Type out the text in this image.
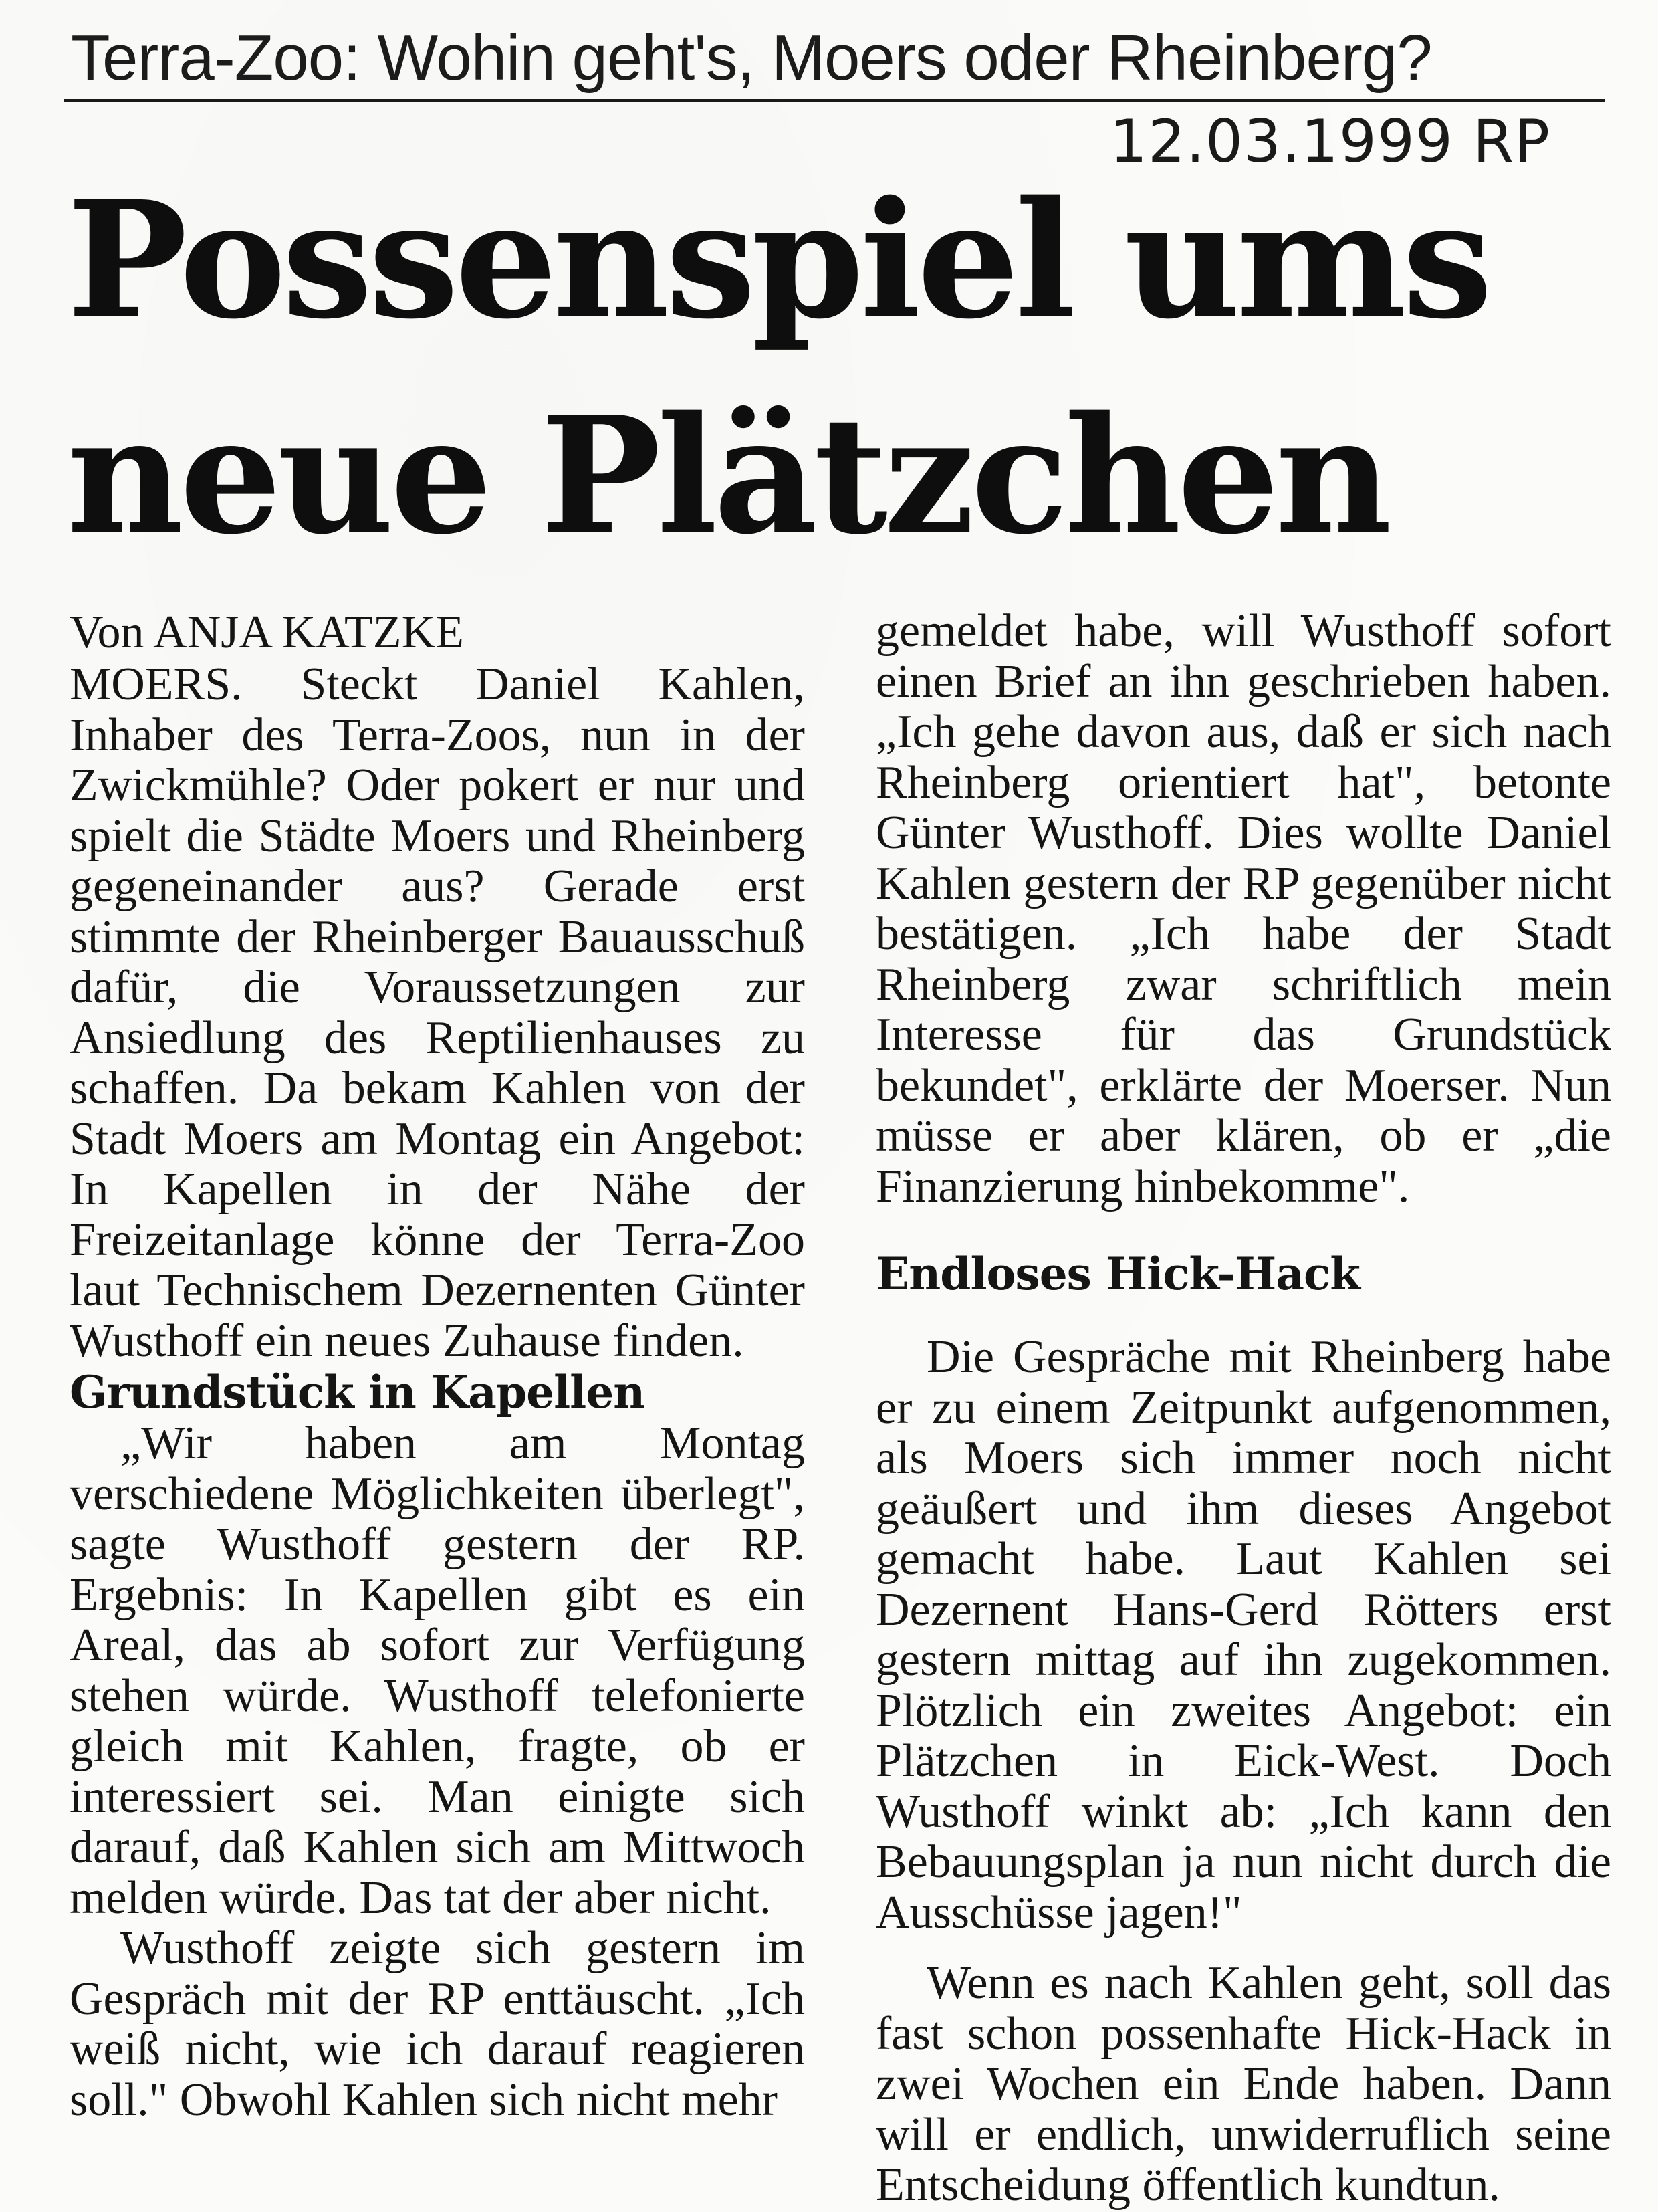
Terra-Zoo: Wohin geht's, Moers oder Rheinberg?
12.03.1999 RP
Possenspiel ums
neue Plätzchen

Von ANJA KATZKE

MOERS. Steckt Daniel Kahlen, Inhaber des Terra-Zoos, nun in der Zwickmühle? Oder pokert er nur und spielt die Städte Moers und Rheinberg gegeneinander aus? Gerade erst stimmte der Rheinberger Bauausschuß dafür, die Voraussetzungen zur Ansiedlung des Reptilienhauses zu schaffen. Da bekam Kahlen von der Stadt Moers am Montag ein Angebot: In Kapellen in der Nähe der Freizeitanlage könne der Terra-Zoo laut Technischem Dezernenten Günter Wusthoff ein neues Zuhause finden.

Grundstück in Kapellen

„Wir haben am Montag verschiedene Möglichkeiten überlegt", sagte Wusthoff gestern der RP. Ergebnis: In Kapellen gibt es ein Areal, das ab sofort zur Verfügung stehen würde. Wusthoff telefonierte gleich mit Kahlen, fragte, ob er interessiert sei. Man einigte sich darauf, daß Kahlen sich am Mittwoch melden würde. Das tat der aber nicht.

Wusthoff zeigte sich gestern im Gespräch mit der RP enttäuscht. „Ich weiß nicht, wie ich darauf reagieren soll." Obwohl Kahlen sich nicht mehr

gemeldet habe, will Wusthoff sofort einen Brief an ihn geschrieben haben. „Ich gehe davon aus, daß er sich nach Rheinberg orientiert hat", betonte Günter Wusthoff. Dies wollte Daniel Kahlen gestern der RP gegenüber nicht bestätigen. „Ich habe der Stadt Rheinberg zwar schriftlich mein Interesse für das Grundstück bekundet", erklärte der Moerser. Nun müsse er aber klären, ob er „die Finanzierung hinbekomme".

Endloses Hick-Hack

Die Gespräche mit Rheinberg habe er zu einem Zeitpunkt aufgenommen, als Moers sich immer noch nicht geäußert und ihm dieses Angebot gemacht habe. Laut Kahlen sei Dezernent Hans-Gerd Rötters erst gestern mittag auf ihn zugekommen. Plötzlich ein zweites Angebot: ein Plätzchen in Eick-West. Doch Wusthoff winkt ab: „Ich kann den Bebauungsplan ja nun nicht durch die Ausschüsse jagen!"

Wenn es nach Kahlen geht, soll das fast schon possenhafte Hick-Hack in zwei Wochen ein Ende haben. Dann will er endlich, unwiderruflich seine Entscheidung öffentlich kundtun.
